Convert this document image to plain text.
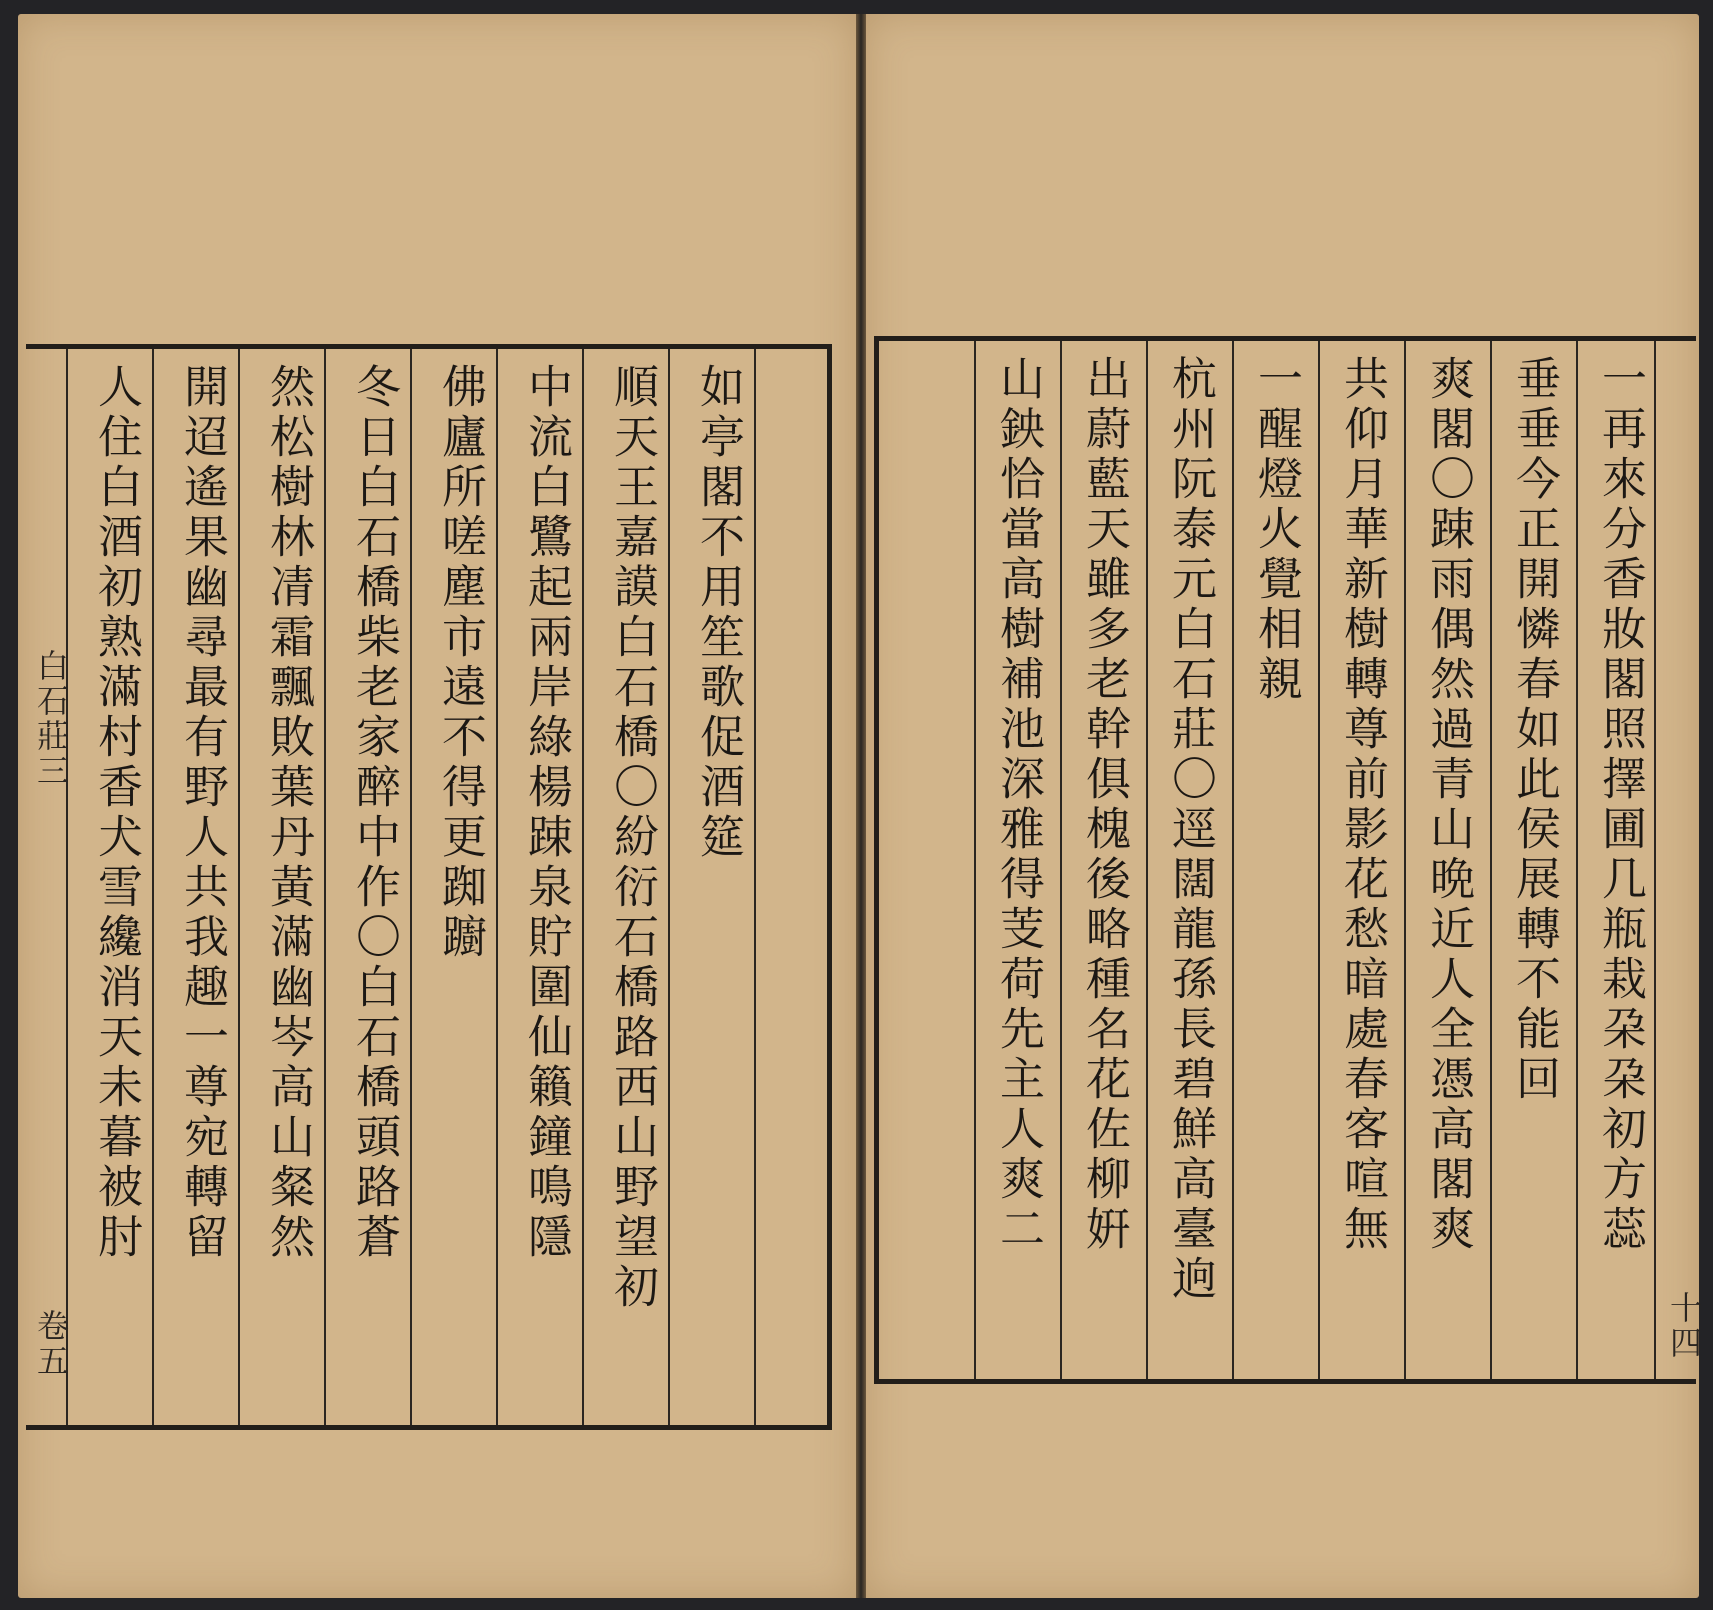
如亭閣不用笙歌促酒筵
順天王嘉謨白石橋〇紛衍石橋路西山野望初
中流白鷺起兩岸綠楊踈泉貯圍仙籟鐘鳴隱
佛廬所嗟塵市遠不得更踟躕
冬日白石橋柴老家醉中作〇白石橋頭路蒼
然松樹林凊霜飄敗葉丹黃滿幽岑高山粲然
開迢遙果幽尋最有野人共我趣一尊宛轉留
人住白酒初熟滿村香犬雪纔消天未暮被肘
白石莊三
卷五
一再來分香妝閣照擇圃几瓶栽朶朶初方蕊
垂垂今正開憐春如此侯展轉不能回
爽閣〇踈雨偶然過青山晩近人全憑高閣爽
共仰月華新樹轉尊前影花愁暗處春客喧無
一醒燈火覺相親
杭州阮泰元白石莊〇逕闊龍孫長碧鮮高臺逈
出蔚藍天雖多老幹俱槐後略種名花佐柳姸
山鉠恰當高樹補池深雅得芰荷先主人爽二
十四
